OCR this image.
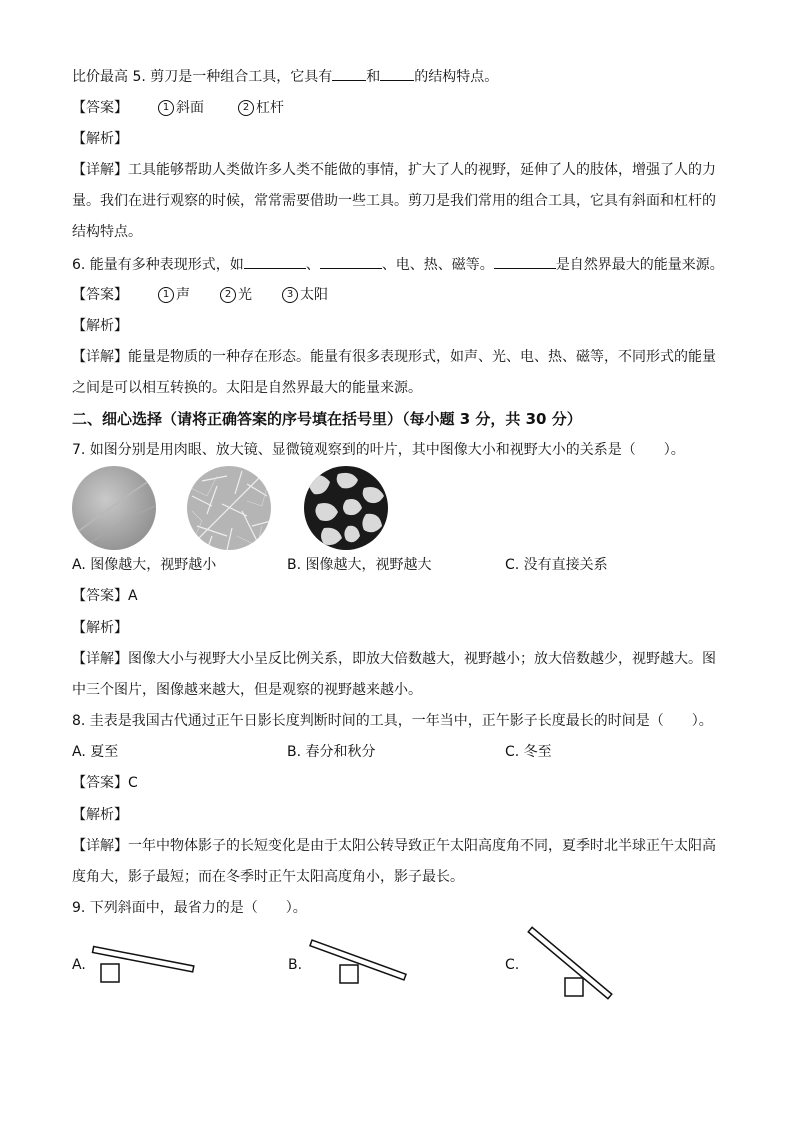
比价最高 5. 剪刀是一种组合工具，它具有 和 的结构特点。
【答案】	1 斜面	2 杠杆
【解析】
【详解】工具能够帮助人类做许多人类不能做的事情，扩大了人的视野，延伸了人的肢体，增强了人的力
量。我们在进行观察的时候，常常需要借助一些工具。剪刀是我们常用的组合工具，它具有斜面和杠杆的
结构特点。
6. 能量有多种表现形式，如	、	、电、热、磁等。	是自然界最大的能量来源。
【答案】	1 声	2 光	3 太阳
【解析】
【详解】能量是物质的一种存在形态。能量有很多表现形式，如声、光、电、热、磁等，不同形式的能量
之间是可以相互转换的。太阳是自然界最大的能量来源。
二、细心选择（请将正确答案的序号填在括号里）（每小题 3 分，共 30 分）
7. 如图分别是用肉眼、放大镜、显微镜观察到的叶片，其中图像大小和视野大小的关系是（　　）。
A. 图像越大，视野越小	B. 图像越大，视野越大	C. 没有直接关系
【答案】A
【解析】
【详解】图像大小与视野大小呈反比例关系，即放大倍数越大，视野越小；放大倍数越少，视野越大。图
中三个图片，图像越来越大，但是观察的视野越来越小。
8. 圭表是我国古代通过正午日影长度判断时间的工具，一年当中，正午影子长度最长的时间是（　　）。
A. 夏至	B. 春分和秋分	C. 冬至
【答案】C
【解析】
【详解】一年中物体影子的长短变化是由于太阳公转导致正午太阳高度角不同，夏季时北半球正午太阳高
度角大，影子最短；而在冬季时正午太阳高度角小，影子最长。
9. 下列斜面中，最省力的是（　　）。
A.	B.	C.
